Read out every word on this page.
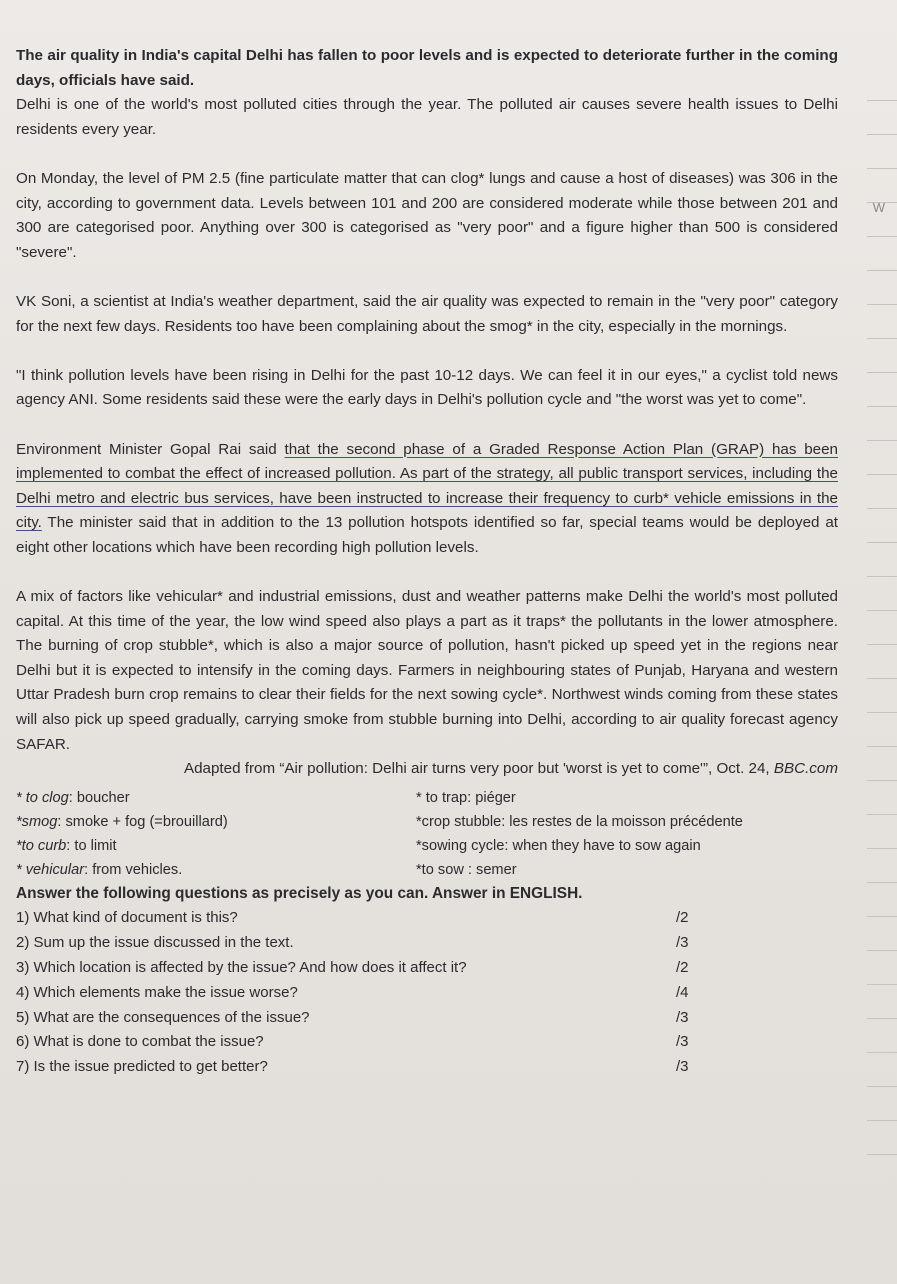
W

The air quality in India's capital Delhi has fallen to poor levels and is expected to deteriorate further in the coming days, officials have said.

Delhi is one of the world's most polluted cities through the year. The polluted air causes severe health issues to Delhi residents every year.

On Monday, the level of PM 2.5 (fine particulate matter that can clog* lungs and cause a host of diseases) was 306 in the city, according to government data. Levels between 101 and 200 are considered moderate while those between 201 and 300 are categorised poor. Anything over 300 is categorised as "very poor" and a figure higher than 500 is considered "severe".

VK Soni, a scientist at India's weather department, said the air quality was expected to remain in the "very poor" category for the next few days. Residents too have been complaining about the smog* in the city, especially in the mornings.

"I think pollution levels have been rising in Delhi for the past 10-12 days. We can feel it in our eyes," a cyclist told news agency ANI. Some residents said these were the early days in Delhi's pollution cycle and "the worst was yet to come".

Environment Minister Gopal Rai said that the second phase of a Graded Response Action Plan (GRAP) has been implemented to combat the effect of increased pollution. As part of the strategy, all public transport services, including the Delhi metro and electric bus services, have been instructed to increase their frequency to curb* vehicle emissions in the city. The minister said that in addition to the 13 pollution hotspots identified so far, special teams would be deployed at eight other locations which have been recording high pollution levels.

A mix of factors like vehicular* and industrial emissions, dust and weather patterns make Delhi the world's most polluted capital. At this time of the year, the low wind speed also plays a part as it traps* the pollutants in the lower atmosphere. The burning of crop stubble*, which is also a major source of pollution, hasn't picked up speed yet in the regions near Delhi but it is expected to intensify in the coming days. Farmers in neighbouring states of Punjab, Haryana and western Uttar Pradesh burn crop remains to clear their fields for the next sowing cycle*. Northwest winds coming from these states will also pick up speed gradually, carrying smoke from stubble burning into Delhi, according to air quality forecast agency SAFAR.

Adapted from “Air pollution: Delhi air turns very poor but 'worst is yet to come'”, Oct. 24, BBC.com

* to clog: boucher	* to trap: piéger
*smog: smoke + fog (=brouillard)	*crop stubble: les restes de la moisson précédente
*to curb: to limit	*sowing cycle: when they have to sow again
* vehicular: from vehicles.	*to sow : semer

Answer the following questions as precisely as you can. Answer in ENGLISH.

1) What kind of document is this?	/2
2) Sum up the issue discussed in the text.	/3
3) Which location is affected by the issue? And how does it affect it?	/2
4) Which elements make the issue worse?	/4
5) What are the consequences of the issue?	/3
6) What is done to combat the issue?	/3
7) Is the issue predicted to get better?	/3
